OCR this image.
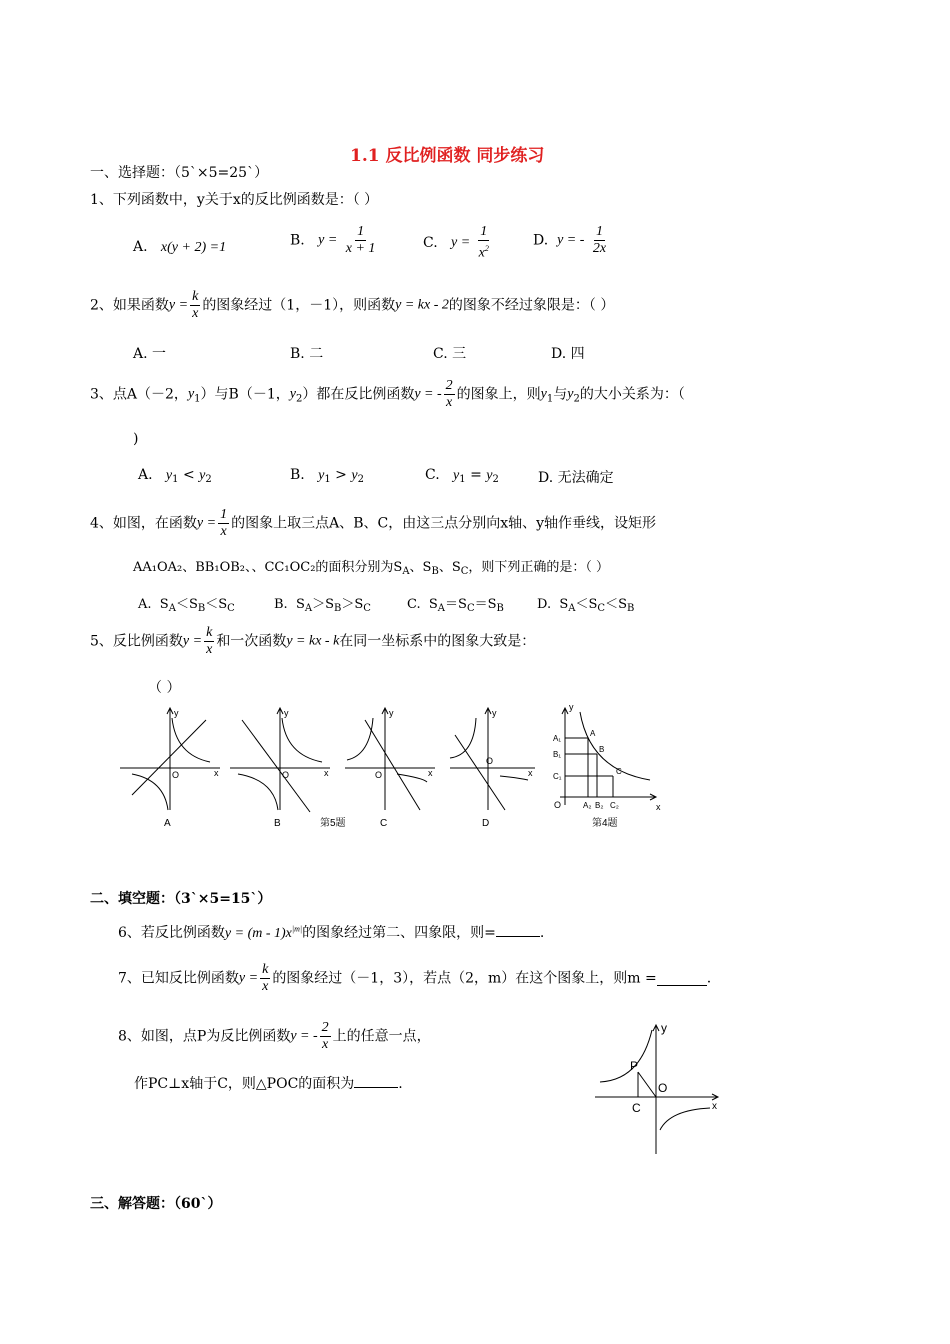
1.1 反比例函数 同步练习
一、选择题：（5`×5=25`）
1、下列函数中，y关于x的反比例函数是：（ ）
A. x(y + 2) =1	B. $y = \frac{1}{x + 1}$	C. $y = \frac{1}{x^2}$	D. y = - $\frac{1}{2x}$
2、如果函数$y = \frac{k}{x}$ 的图象经过（1，－1），则函数y = kx - 2的图象不经过象限是：（ ）
A. 一	B. 二	C. 三	D. 四
3、点A（－2，$y_1$）与B（－1，$y_2$）都在反比例函数y = - $\frac{2}{x}$ 的图象上，则$y_1$与$y_2$的大小关系为：（
)
A. $y_1 < y_2$	B. $y_1 > y_2$	C. $y_1 = y_2$	D. 无法确定
4、如图，在函数$y = \frac{1}{x}$ 的图象上取三点A、B、C，由这三点分别向x轴、y轴作垂线，设矩形
AA₁OA₂、BB₁OB₂、、CC₁OC₂的面积分别为$S_A$、$S_B$、$S_C$，则下列正确的是：（ ）
A.  $S_A<S_B<S_C$	B.  $S_A>S_B>S_C$	C.  $S_A=S_C=S_B$	D.  $S_A<S_C<S_B$
5、反比例函数$y = \frac{k}{x}$ 和一次函数y = kx - k在同一坐标系中的图象大致是：
（ ）
y
x
O
A
y
x
O
B
y
x
O
C
y
x
O
D
第5题
y
x
O
A₁
B₁
C₁
A
B
C
A₂ B₂ C₂
第4题
二、填空题：（3`×5=15`）
6、若反比例函数$y = (m - 1)x^{|m|}$的图象经过第二、四象限，则=	.
7、已知反比例函数$y = \frac{k}{x}$ 的图象经过（－1，3），若点（2，m）在这个图象上，则m =	.
8、如图，点P为反比例函数y = - $\frac{2}{x}$ 上的任意一点，
作PC⊥x轴于C，则△POC的面积为	.
P
O
C	x
y
三、解答题：（60`）
